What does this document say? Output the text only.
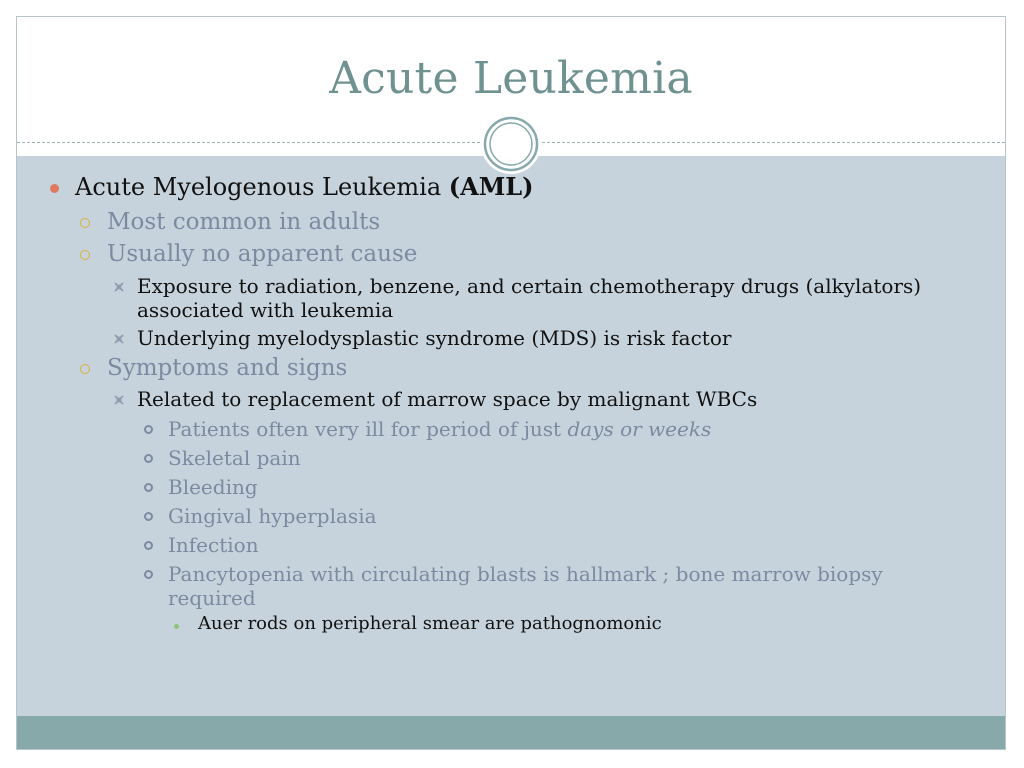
Acute Leukemia
Acute Myelogenous Leukemia (AML)
Most common in adults
Usually no apparent cause
Exposure to radiation, benzene, and certain chemotherapy drugs (alkylators)
associated with leukemia
Underlying myelodysplastic syndrome (MDS) is risk factor
Symptoms and signs
Related to replacement of marrow space by malignant WBCs
Patients often very ill for period of just days or weeks
Skeletal pain
Bleeding
Gingival hyperplasia
Infection
Pancytopenia with circulating blasts is hallmark ; bone marrow biopsy
required
Auer rods on peripheral smear are pathognomonic
